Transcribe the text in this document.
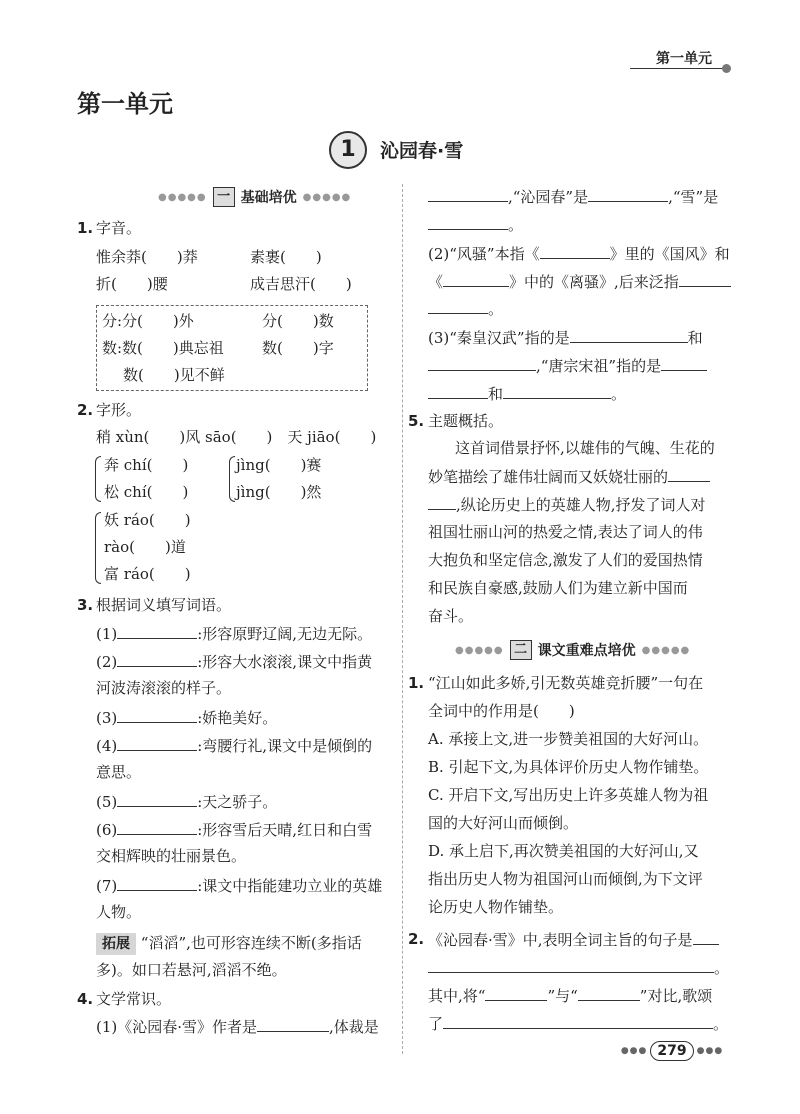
第一单元
第一单元
1	沁园春·雪
●●●●● 一 基础培优 ●●●●●
1. 字音。
惟余莽(　　)莽	素裹(　　)
折(　　)腰	成吉思汗(　　)
分:分(　　)外	分(　　)数
数:数(　　)典忘祖	数(　　)字
数(　　)见不鲜
2. 字形。
稍 xùn(　　)风 sāo(　　)　天 jiāo(　　)
奔 chí(　　)
松 chí(　　)
jìng(　　)赛
jìng(　　)然
妖 ráo(　　)
rào(　　)道
富 ráo(　　)
3. 根据词义填写词语。
(1)	:形容原野辽阔,无边无际。
(2)	:形容大水滚滚,课文中指黄
河波涛滚滚的样子。
(3)	:娇艳美好。
(4)	:弯腰行礼,课文中是倾倒的
意思。
(5)	:天之骄子。
(6)	:形容雪后天晴,红日和白雪
交相辉映的壮丽景色。
(7)	:课文中指能建功立业的英雄
人物。
拓展 “滔滔”,也可形容连续不断(多指话
多)。如口若悬河,滔滔不绝。
4. 文学常识。
(1)《沁园春·雪》作者是	,体裁是
,“沁园春”是	,“雪”是
。
(2)“风骚”本指《	》里的《国风》和
《	》中的《离骚》,后来泛指
。
(3)“秦皇汉武”指的是	和
,“唐宗宋祖”指的是
和	。
5. 主题概括。
这首词借景抒怀,以雄伟的气魄、生花的
妙笔描绘了雄伟壮阔而又妖娆壮丽的
,纵论历史上的英雄人物,抒发了词人对
祖国壮丽山河的热爱之情,表达了词人的伟
大抱负和坚定信念,激发了人们的爱国热情
和民族自豪感,鼓励人们为建立新中国而
奋斗。
●●●●● 二 课文重难点培优 ●●●●●
1. “江山如此多娇,引无数英雄竞折腰”一句在
全词中的作用是(　　)
A. 承接上文,进一步赞美祖国的大好河山。
B. 引起下文,为具体评价历史人物作铺垫。
C. 开启下文,写出历史上许多英雄人物为祖
国的大好河山而倾倒。
D. 承上启下,再次赞美祖国的大好河山,又
指出历史人物为祖国河山而倾倒,为下文评
论历史人物作铺垫。
2. 《沁园春·雪》中,表明全词主旨的句子是
。
其中,将“	”与“	”对比,歌颂
了	。
●●● 279	●●●
